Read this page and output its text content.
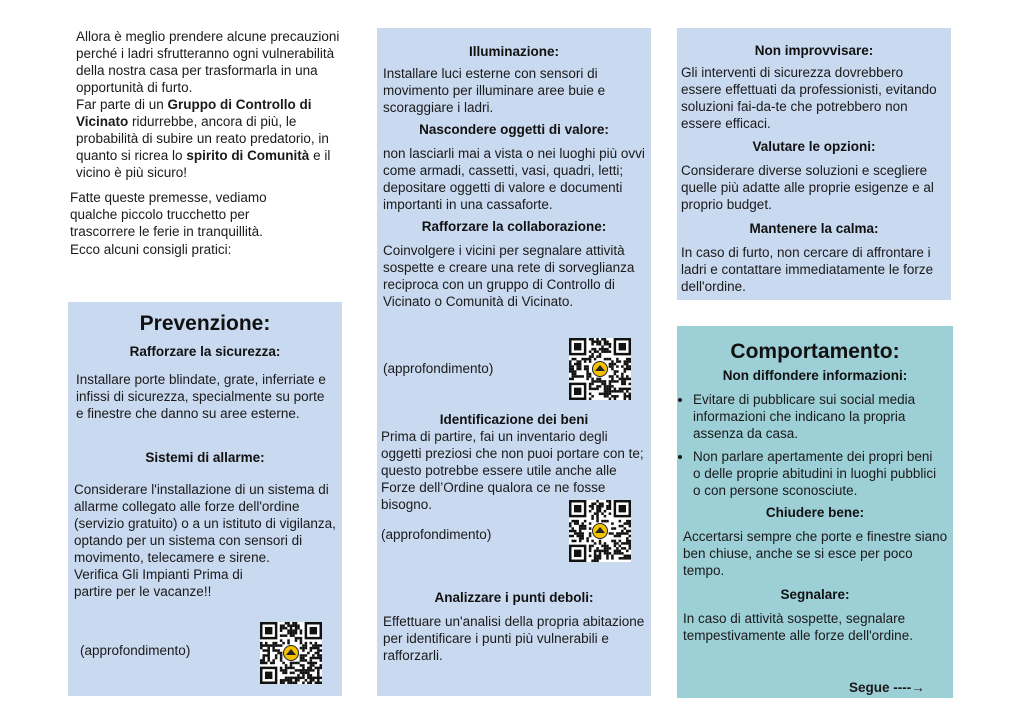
Allora è meglio prendere alcune precauzioni perché i ladri sfrutteranno ogni vulnerabilità della nostra casa per trasformarla in una opportunità di furto.

Far parte di un Gruppo di Controllo di Vicinato ridurrebbe, ancora di più, le probabilità di subire un reato predatorio, in quanto si ricrea lo spirito di Comunità e il vicino è più sicuro!

Fatte queste premesse, vediamo qualche piccolo trucchetto per trascorrere le ferie in tranquillità.

Ecco alcuni consigli pratici:

Prevenzione:

Rafforzare la sicurezza:

Installare porte blindate, grate, inferriate e infissi di sicurezza, specialmente su porte e finestre che danno su aree esterne.

Sistemi di allarme:

Considerare l'installazione di un sistema di allarme collegato alle forze dell'ordine (servizio gratuito) o a un istituto di vigilanza, optando per un sistema con sensori di movimento, telecamere e sirene.

Verifica Gli Impianti Prima di partire per le vacanze!!

(approfondimento)

Illuminazione:

Installare luci esterne con sensori di movimento per illuminare aree buie e scoraggiare i ladri.

Nascondere oggetti di valore:

non lasciarli mai a vista o nei luoghi più ovvi come armadi, cassetti, vasi, quadri, letti; depositare oggetti di valore e documenti importanti in una cassaforte.

Rafforzare la collaborazione:

Coinvolgere i vicini per segnalare attività sospette e creare una rete di sorveglianza reciproca con un gruppo di Controllo di Vicinato o Comunità di Vicinato.

(approfondimento)

Identificazione dei beni

Prima di partire, fai un inventario degli oggetti preziosi che non puoi portare con te; questo potrebbe essere utile anche alle Forze dell’Ordine qualora ce ne fosse bisogno.

(approfondimento)

Analizzare i punti deboli:

Effettuare un'analisi della propria abitazione per identificare i punti più vulnerabili e rafforzarli.

Non improvvisare:

Gli interventi di sicurezza dovrebbero essere effettuati da professionisti, evitando soluzioni fai-da-te che potrebbero non essere efficaci.

Valutare le opzioni:

Considerare diverse soluzioni e scegliere quelle più adatte alle proprie esigenze e al proprio budget.

Mantenere la calma:

In caso di furto, non cercare di affrontare i ladri e contattare immediatamente le forze dell'ordine.

Comportamento:

Non diffondere informazioni:

• Evitare di pubblicare sui social media informazioni che indicano la propria assenza da casa.
• Non parlare apertamente dei propri beni o delle proprie abitudini in luoghi pubblici o con persone sconosciute.

Chiudere bene:

Accertarsi sempre che porte e finestre siano ben chiuse, anche se si esce per poco tempo.

Segnalare:

In caso di attività sospette, segnalare tempestivamente alle forze dell'ordine.

Segue ----→
